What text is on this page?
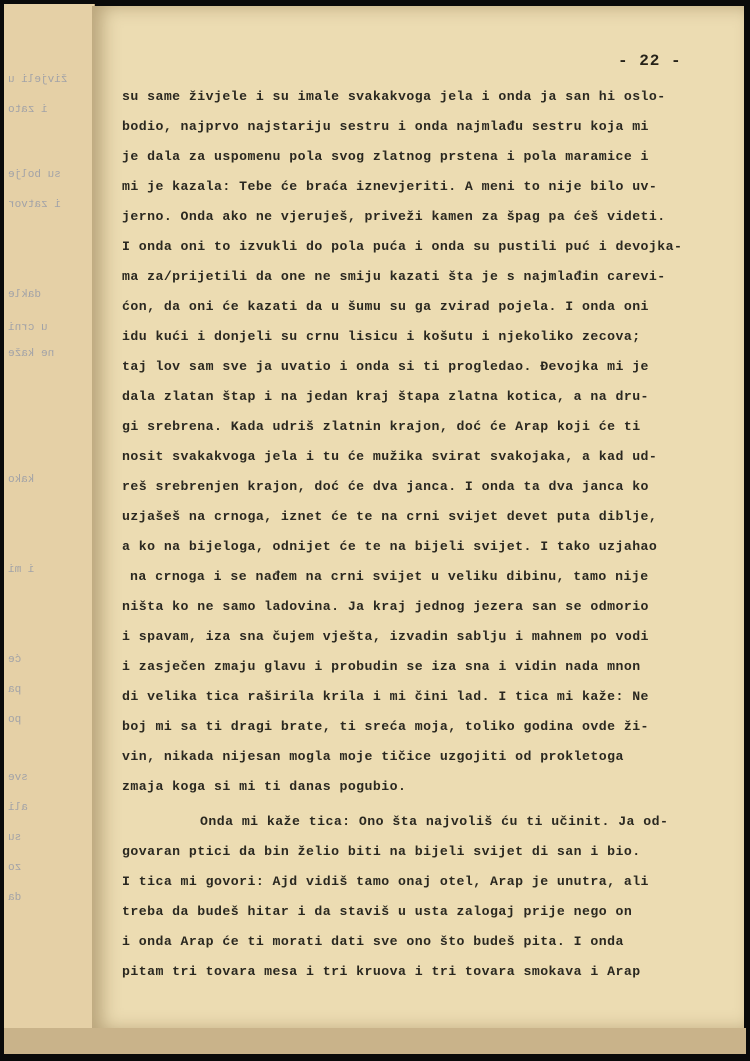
živjeli u
i zato
su bolje
i zatvor
dakle
u crni
ne kaže
kako
i mi
će
pa
po
sve
ali
su
zo
da
- 22 -
su same živjele i su imale svakakvoga jela i onda ja san hi oslo-
bodio, najprvo najstariju sestru i onda najmlađu sestru koja mi
je dala za uspomenu pola svog zlatnog prstena i pola maramice i
mi je kazala: Tebe će braća iznevjeriti. A meni to nije bilo uv-
jerno. Onda ako ne vjeruješ, priveži kamen za špag pa ćeš videti.
I onda oni to izvukli do pola puća i onda su pustili puć i devojka-
ma za/prijetili da one ne smiju kazati šta je s najmlađin carevi-
ćon, da oni će kazati da u šumu su ga zvirad pojela. I onda oni
idu kući i donjeli su crnu lisicu i košutu i njekoliko zecova;
taj lov sam sve ja uvatio i onda si ti progledao. Đevojka mi je
dala zlatan štap i na jedan kraj štapa zlatna kotica, a na dru-
gi srebrena. Kada udriš zlatnin krajon, doć će Arap koji će ti
nosit svakakvoga jela i tu će mužika svirat svakojaka, a kad ud-
reš srebrenjen krajon, doć će dva janca. I onda ta dva janca ko
uzjašeš na crnoga, iznet će te na crni svijet devet puta diblje,
a ko na bijeloga, odnijet će te na bijeli svijet. I tako uzjahao
na crnoga i se nađem na crni svijet u veliku dibinu, tamo nije
ništa ko ne samo ladovina. Ja kraj jednog jezera san se odmorio
i spavam, iza sna čujem vješta, izvadin sablju i mahnem po vodi
i zasječen zmaju glavu i probudin se iza sna i vidin nada mnon
di velika tica raširila krila i mi čini lad. I tica mi kaže: Ne
boj mi sa ti dragi brate, ti sreća moja, toliko godina ovde ži-
vin, nikada nijesan mogla moje tičice uzgojiti od prokletoga
zmaja koga si mi ti danas pogubio.
Onda mi kaže tica: Ono šta najvoliš ću ti učinit. Ja od-
govaran ptici da bin želio biti na bijeli svijet di san i bio.
I tica mi govori: Ajd vidiš tamo onaj otel, Arap je unutra, ali
treba da budeš hitar i da staviš u usta zalogaj prije nego on
i onda Arap će ti morati dati sve ono što budeš pita. I onda
pitam tri tovara mesa i tri kruova i tri tovara smokava i Arap
